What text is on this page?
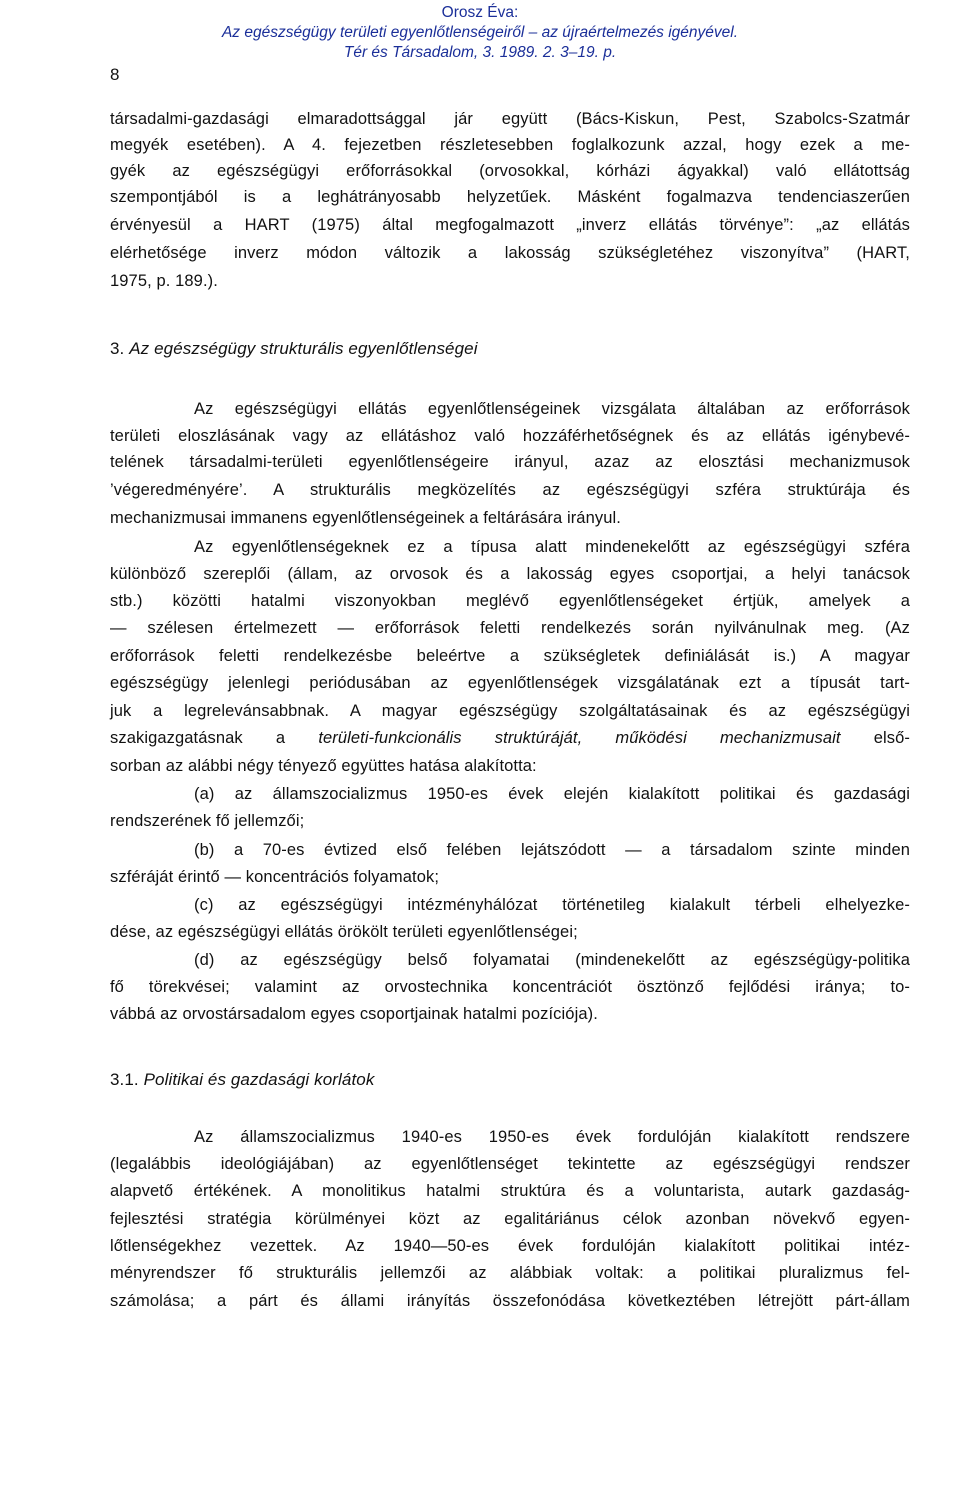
Orosz Éva:
Az egészségügy területi egyenlőtlenségeiről – az újraértelmezés igényével.
Tér és Társadalom, 3. 1989. 2. 3–19. p.
8
társadalmi-gazdasági elmaradottsággal jár együtt (Bács-Kiskun, Pest, Szabolcs-Szatmár
megyék esetében). A 4. fejezetben részletesebben foglalkozunk azzal, hogy ezek a me-
gyék az egészségügyi erőforrásokkal (orvosokkal, kórházi ágyakkal) való ellátottság
szempontjából is a leghátrányosabb helyzetűek. Másként fogalmazva tendenciaszerűen
érvényesül a HART (1975) által megfogalmazott „inverz ellátás törvénye”: „az ellátás
elérhetősége inverz módon változik a lakosság szükségletéhez viszonyítva” (HART,
1975, p. 189.).
3. Az egészségügy strukturális egyenlőtlenségei
Az egészségügyi ellátás egyenlőtlenségeinek vizsgálata általában az erőforrások
területi eloszlásának vagy az ellátáshoz való hozzáférhetőségnek és az ellátás igénybevé-
telének társadalmi-területi egyenlőtlenségeire irányul, azaz az elosztási mechanizmusok
’végeredményére’. A strukturális megközelítés az egészségügyi szféra struktúrája és
mechanizmusai immanens egyenlőtlenségeinek a feltárására irányul.
Az egyenlőtlenségeknek ez a típusa alatt mindenekelőtt az egészségügyi szféra
különböző szereplői (állam, az orvosok és a lakosság egyes csoportjai, a helyi tanácsok
stb.) közötti hatalmi viszonyokban meglévő egyenlőtlenségeket értjük, amelyek a
— szélesen értelmezett — erőforrások feletti rendelkezés során nyilvánulnak meg. (Az
erőforrások feletti rendelkezésbe beleértve a szükségletek definiálását is.) A magyar
egészségügy jelenlegi periódusában az egyenlőtlenségek vizsgálatának ezt a típusát tart-
juk a legrelevánsabbnak. A magyar egészségügy szolgáltatásainak és az egészségügyi
szakigazgatásnak a területi-funkcionális struktúráját, működési mechanizmusait első-
sorban az alábbi négy tényező együttes hatása alakította:
(a) az államszocializmus 1950-es évek elején kialakított politikai és gazdasági
rendszerének fő jellemzői;
(b) a 70-es évtized első felében lejátszódott — a társadalom szinte minden
szféráját érintő — koncentrációs folyamatok;
(c) az egészségügyi intézményhálózat történetileg kialakult térbeli elhelyezke-
dése, az egészségügyi ellátás örökölt területi egyenlőtlenségei;
(d) az egészségügy belső folyamatai (mindenekelőtt az egészségügy-politika
fő törekvései; valamint az orvostechnika koncentrációt ösztönző fejlődési iránya; to-
vábbá az orvostársadalom egyes csoportjainak hatalmi pozíciója).
3.1. Politikai és gazdasági korlátok
Az államszocializmus 1940-es 1950-es évek fordulóján kialakított rendszere
(legalábbis ideológiájában) az egyenlőtlenséget tekintette az egészségügyi rendszer
alapvető értékének. A monolitikus hatalmi struktúra és a voluntarista, autark gazdaság-
fejlesztési stratégia körülményei közt az egalitáriánus célok azonban növekvő egyen-
lőtlenségekhez vezettek. Az 1940—50-es évek fordulóján kialakított politikai intéz-
ményrendszer fő strukturális jellemzői az alábbiak voltak: a politikai pluralizmus fel-
számolása; a párt és állami irányítás összefonódása következtében létrejött párt-állam
